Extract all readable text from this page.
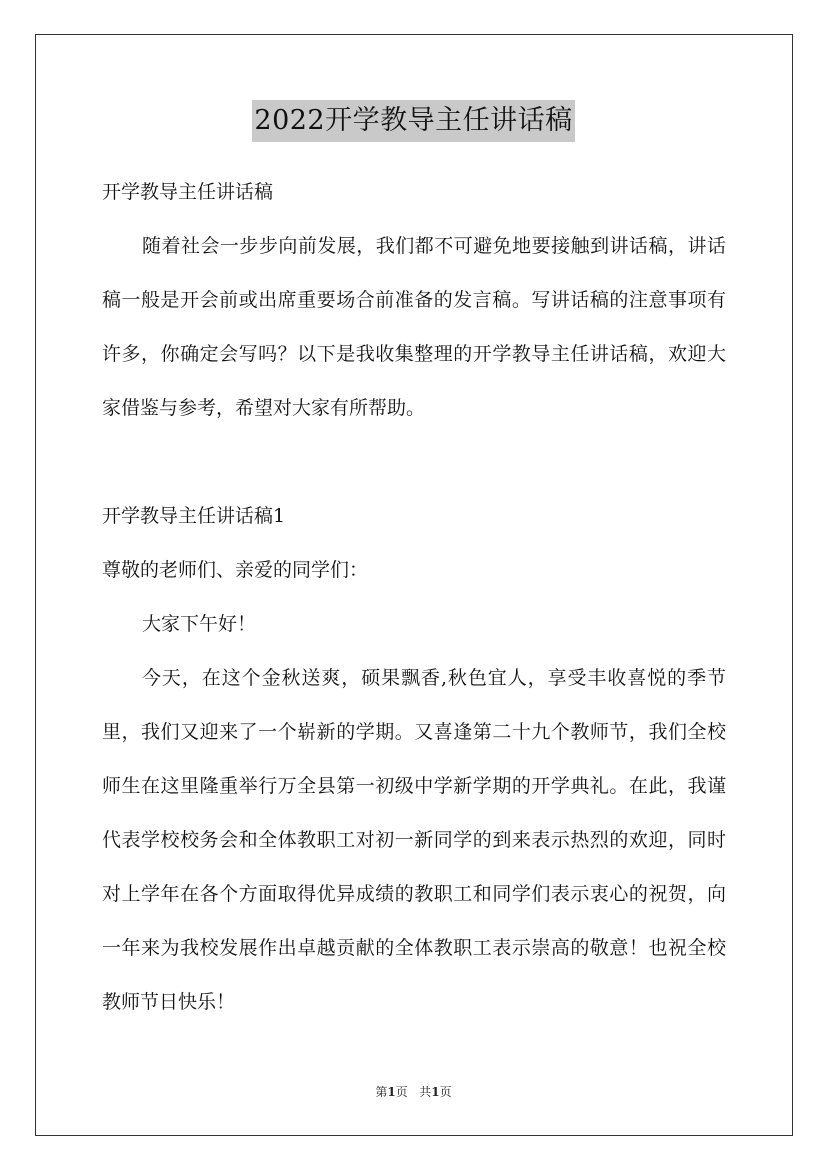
2022开学教导主任讲话稿

开学教导主任讲话稿

随着社会一步步向前发展，我们都不可避免地要接触到讲话稿，讲话稿一般是开会前或出席重要场合前准备的发言稿。写讲话稿的注意事项有许多，你确定会写吗？以下是我收集整理的开学教导主任讲话稿，欢迎大家借鉴与参考，希望对大家有所帮助。

开学教导主任讲话稿1

尊敬的老师们、亲爱的同学们：

大家下午好！

今天，在这个金秋送爽，硕果飘香,秋色宜人，享受丰收喜悦的季节里，我们又迎来了一个崭新的学期。又喜逢第二十九个教师节，我们全校师生在这里隆重举行万全县第一初级中学新学期的开学典礼。在此，我谨代表学校校务会和全体教职工对初一新同学的到来表示热烈的欢迎，同时对上学年在各个方面取得优异成绩的教职工和同学们表示衷心的祝贺，向一年来为我校发展作出卓越贡献的全体教职工表示崇高的敬意！也祝全校教师节日快乐！

第1页 共1页
